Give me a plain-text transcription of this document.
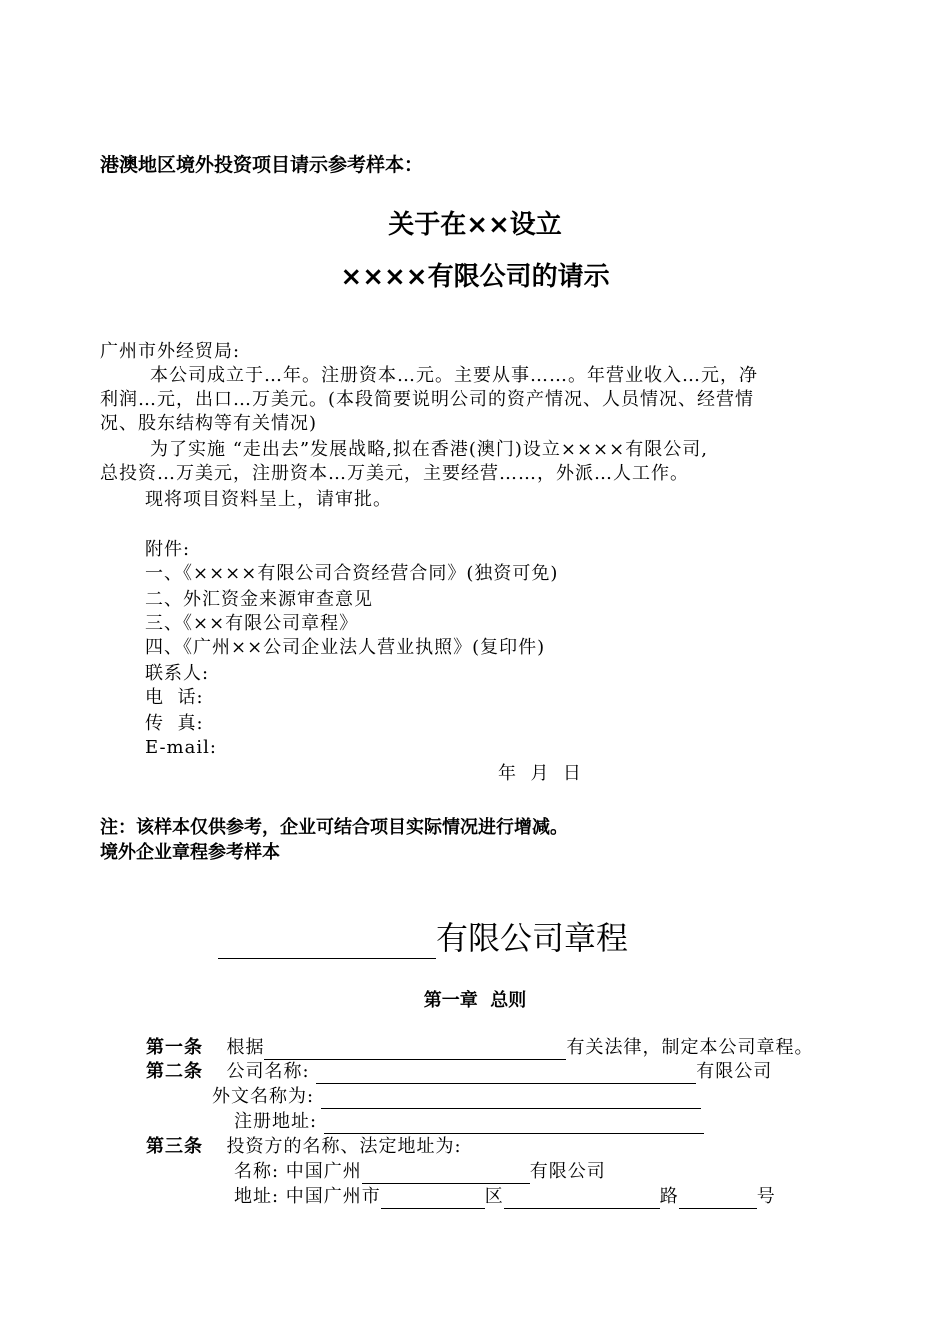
港澳地区境外投资项目请示参考样本：
关于在××设立
××××有限公司的请示
广州市外经贸局:
本公司成立于…年。注册资本…元。主要从事……。年营业收入…元，净
利润…元，出口…万美元。(本段简要说明公司的资产情况、人员情况、经营情
况、股东结构等有关情况)
为了实施 “走出去”发展战略,拟在香港(澳门)设立××××有限公司,
总投资…万美元，注册资本…万美元，主要经营……，外派…人工作。
现将项目资料呈上，请审批。
附件:
一、《××××有限公司合资经营合同》(独资可免)
二、外汇资金来源审查意见
三、《××有限公司章程》
四、《广州××公司企业法人营业执照》(复印件)
联系人:
电  话:
传  真:
E-mail:
年  月  日
注：该样本仅供参考，企业可结合项目实际情况进行增减。
境外企业章程参考样本
有限公司章程
第一章  总则
第一条 根据	有关法律，制定本公司章程。
第二条 公司名称:	有限公司
外文名称为:
注册地址:
第三条 投资方的名称、法定地址为:
名称: 中国广州	有限公司
地址: 中国广州市	区	路	号
